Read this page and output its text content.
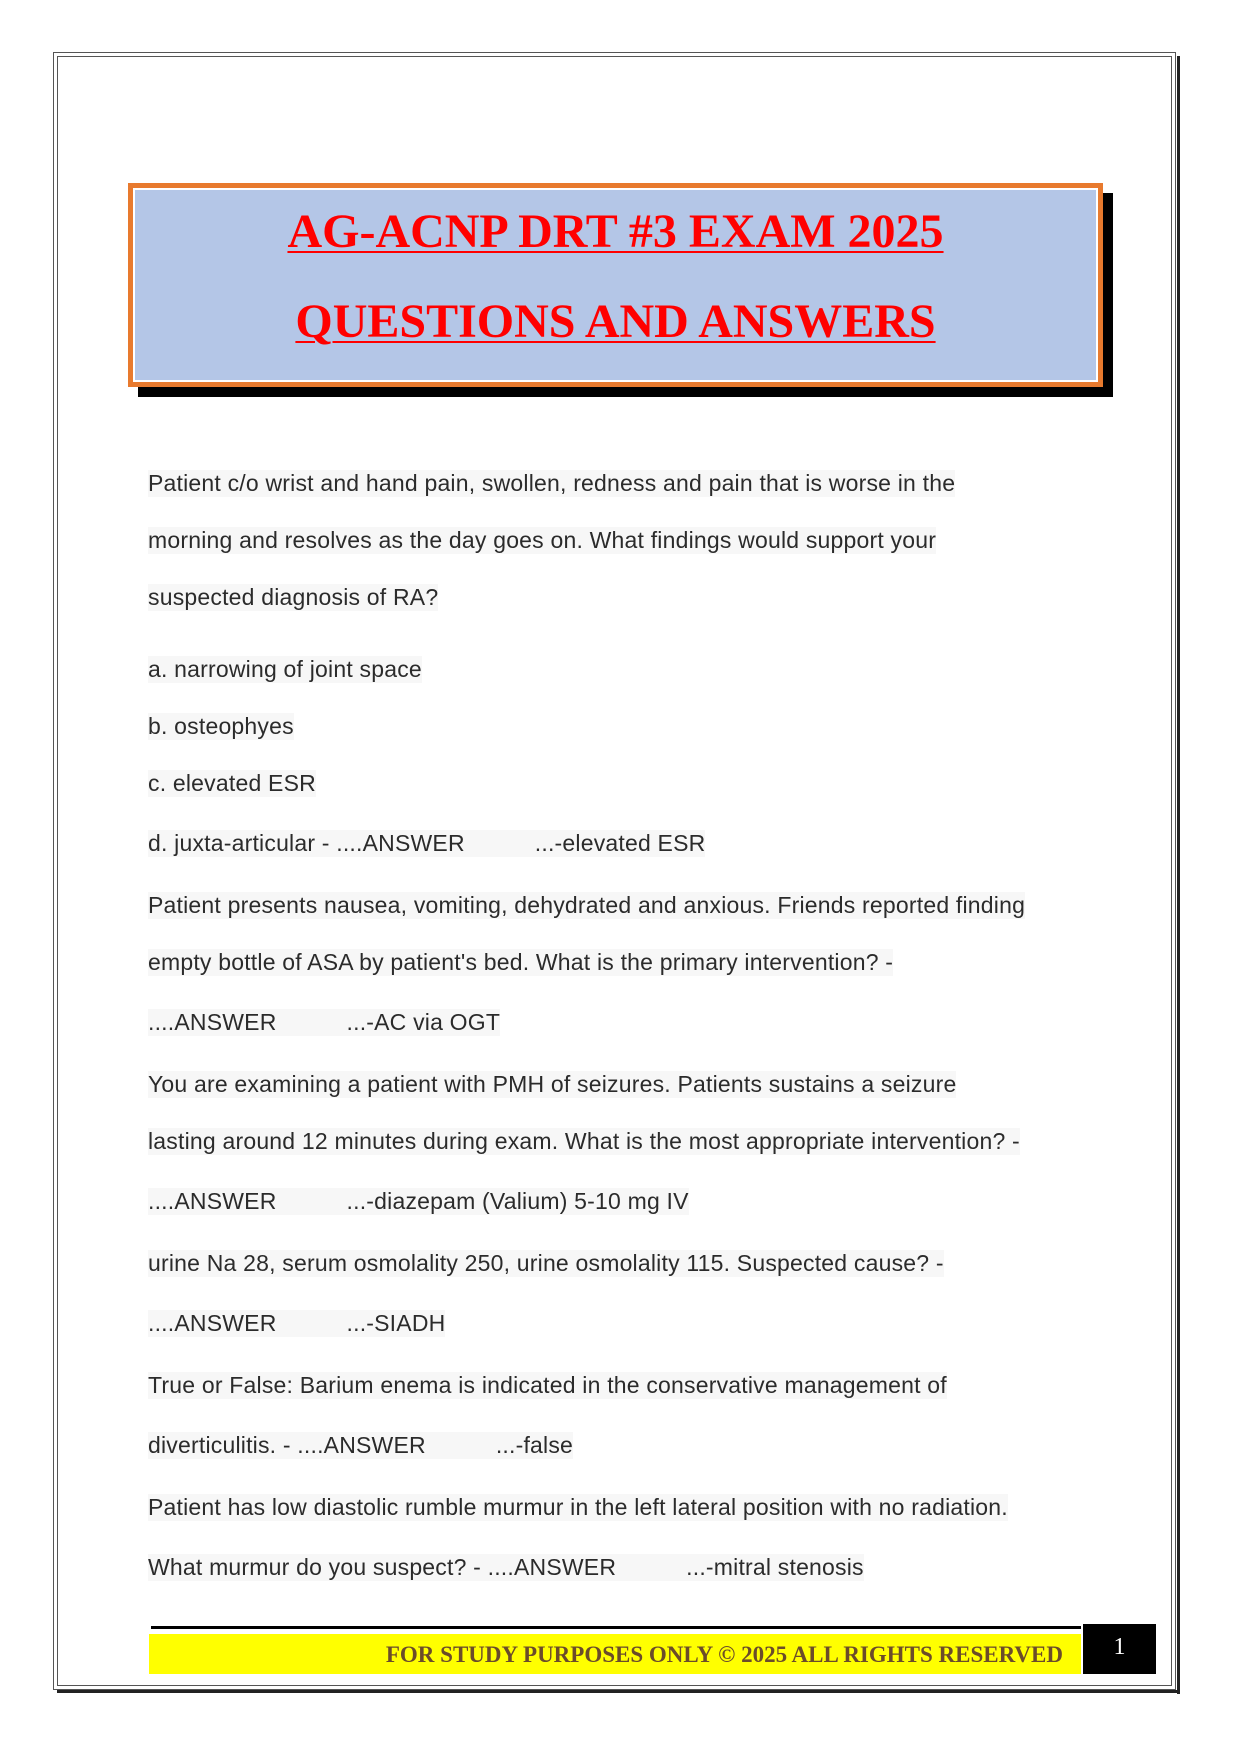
AG-ACNP DRT #3 EXAM 2025
QUESTIONS AND ANSWERS
Patient c/o wrist and hand pain, swollen, redness and pain that is worse in the
morning and resolves as the day goes on. What findings would support your
suspected diagnosis of RA?
a. narrowing of joint space
b. osteophyes
c. elevated ESR
d. juxta-articular - ....ANSWER	...-elevated ESR
Patient presents nausea, vomiting, dehydrated and anxious. Friends reported finding
empty bottle of ASA by patient's bed. What is the primary intervention? -
....ANSWER	...-AC via OGT
You are examining a patient with PMH of seizures. Patients sustains a seizure
lasting around 12 minutes during exam. What is the most appropriate intervention? -
....ANSWER	...-diazepam (Valium) 5-10 mg IV
urine Na 28, serum osmolality 250, urine osmolality 115. Suspected cause? -
....ANSWER	...-SIADH
True or False: Barium enema is indicated in the conservative management of
diverticulitis. - ....ANSWER	...-false
Patient has low diastolic rumble murmur in the left lateral position with no radiation.
What murmur do you suspect? - ....ANSWER	...-mitral stenosis
FOR STUDY PURPOSES ONLY © 2025 ALL RIGHTS RESERVED	1
